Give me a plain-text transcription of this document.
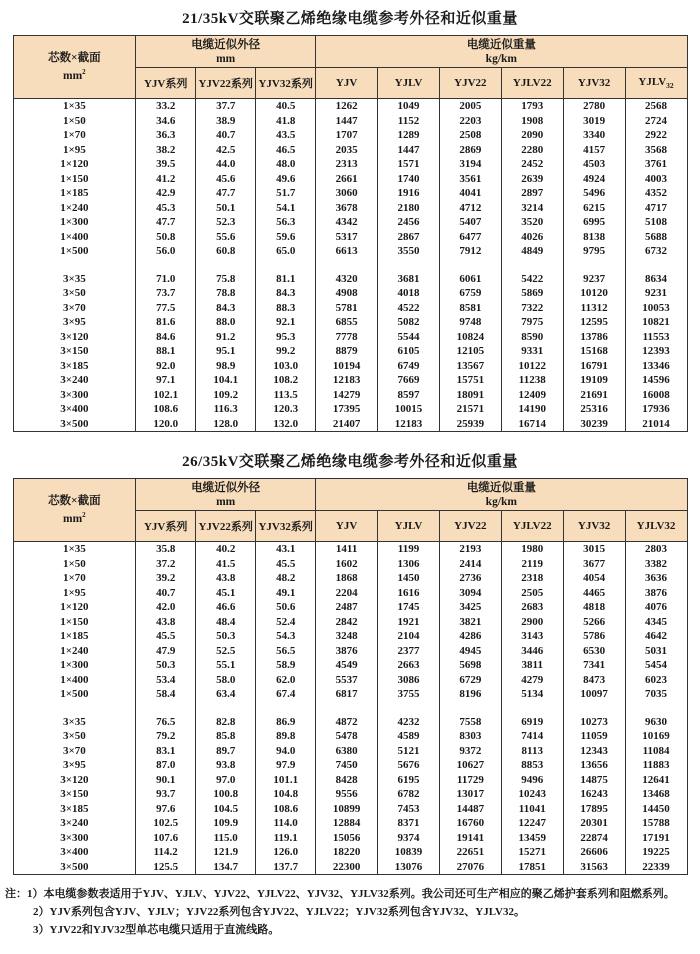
21/35kV交联聚乙烯绝缘电缆参考外径和近似重量
芯数×截面
$mm^2$

电缆近似外径
mm

电缆近似重量
kg/km

	YJV系列	YJV22系列	YJV32系列	YJV	YJLV	YJV22	YJLV22	YJV32	$YJLV_{32}$
1×35	33.2	37.7	40.5	1262	1049	2005	1793	2780	2568
1×50	34.6	38.9	41.8	1447	1152	2203	1908	3019	2724
1×70	36.3	40.7	43.5	1707	1289	2508	2090	3340	2922
1×95	38.2	42.5	46.5	2035	1447	2869	2280	4157	3568
1×120	39.5	44.0	48.0	2313	1571	3194	2452	4503	3761
1×150	41.2	45.6	49.6	2661	1740	3561	2639	4924	4003
1×185	42.9	47.7	51.7	3060	1916	4041	2897	5496	4352
1×240	45.3	50.1	54.1	3678	2180	4712	3214	6215	4717
1×300	47.7	52.3	56.3	4342	2456	5407	3520	6995	5108
1×400	50.8	55.6	59.6	5317	2867	6477	4026	8138	5688
1×500	56.0	60.8	65.0	6613	3550	7912	4849	9795	6732

3×35	71.0	75.8	81.1	4320	3681	6061	5422	9237	8634
3×50	73.7	78.8	84.3	4908	4018	6759	5869	10120	9231
3×70	77.5	84.3	88.3	5781	4522	8581	7322	11312	10053
3×95	81.6	88.0	92.1	6855	5082	9748	7975	12595	10821
3×120	84.6	91.2	95.3	7778	5544	10824	8590	13786	11553
3×150	88.1	95.1	99.2	8879	6105	12105	9331	15168	12393
3×185	92.0	98.9	103.0	10194	6749	13567	10122	16791	13346
3×240	97.1	104.1	108.2	12183	7669	15751	11238	19109	14596
3×300	102.1	109.2	113.5	14279	8597	18091	12409	21691	16008
3×400	108.6	116.3	120.3	17395	10015	21571	14190	25316	17936
3×500	120.0	128.0	132.0	21407	12183	25939	16714	30239	21014
26/35kV交联聚乙烯绝缘电缆参考外径和近似重量
芯数×截面
$mm^2$

电缆近似外径
mm

电缆近似重量
kg/km

	YJV系列	YJV22系列	YJV32系列	YJV	YJLV	YJV22	YJLV22	YJV32	YJLV32
1×35	35.8	40.2	43.1	1411	1199	2193	1980	3015	2803
1×50	37.2	41.5	45.5	1602	1306	2414	2119	3677	3382
1×70	39.2	43.8	48.2	1868	1450	2736	2318	4054	3636
1×95	40.7	45.1	49.1	2204	1616	3094	2505	4465	3876
1×120	42.0	46.6	50.6	2487	1745	3425	2683	4818	4076
1×150	43.8	48.4	52.4	2842	1921	3821	2900	5266	4345
1×185	45.5	50.3	54.3	3248	2104	4286	3143	5786	4642
1×240	47.9	52.5	56.5	3876	2377	4945	3446	6530	5031
1×300	50.3	55.1	58.9	4549	2663	5698	3811	7341	5454
1×400	53.4	58.0	62.0	5537	3086	6729	4279	8473	6023
1×500	58.4	63.4	67.4	6817	3755	8196	5134	10097	7035

3×35	76.5	82.8	86.9	4872	4232	7558	6919	10273	9630
3×50	79.2	85.8	89.8	5478	4589	8303	7414	11059	10169
3×70	83.1	89.7	94.0	6380	5121	9372	8113	12343	11084
3×95	87.0	93.8	97.9	7450	5676	10627	8853	13656	11883
3×120	90.1	97.0	101.1	8428	6195	11729	9496	14875	12641
3×150	93.7	100.8	104.8	9556	6782	13017	10243	16243	13468
3×185	97.6	104.5	108.6	10899	7453	14487	11041	17895	14450
3×240	102.5	109.9	114.0	12884	8371	16760	12247	20301	15788
3×300	107.6	115.0	119.1	15056	9374	19141	13459	22874	17191
3×400	114.2	121.9	126.0	18220	10839	22651	15271	26606	19225
3×500	125.5	134.7	137.7	22300	13076	27076	17851	31563	22339
注：1）本电缆参数表适用于YJV、YJLV、YJV22、YJLV22、YJV32、YJLV32系列。我公司还可生产相应的聚乙烯护套系列和阻燃系列。
2）YJV系列包含YJV、YJLV；YJV22系列包含YJV22、YJLV22；YJV32系列包含YJV32、YJLV32。
3）YJV22和YJV32型单芯电缆只适用于直流线路。
